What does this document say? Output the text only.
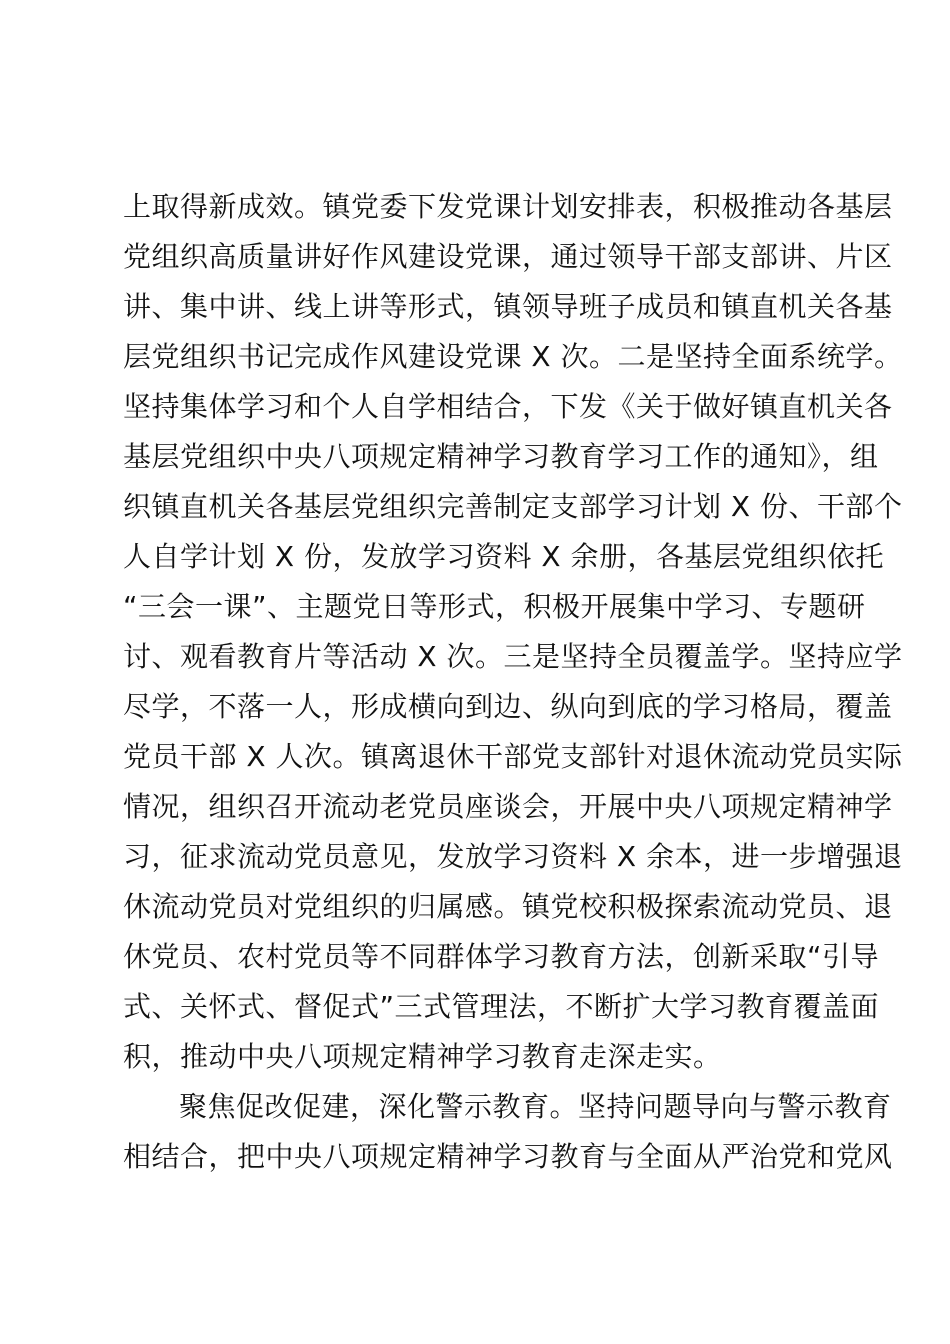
上取得新成效。镇党委下发党课计划安排表，积极推动各基层
党组织高质量讲好作风建设党课，通过领导干部支部讲、片区
讲、集中讲、线上讲等形式，镇领导班子成员和镇直机关各基
层党组织书记完成作风建设党课 X 次。二是坚持全面系统学。
坚持集体学习和个人自学相结合，下发《关于做好镇直机关各
基层党组织中央八项规定精神学习教育学习工作的通知》，组
织镇直机关各基层党组织完善制定支部学习计划 X 份、干部个
人自学计划 X 份，发放学习资料 X 余册，各基层党组织依托
“三会一课”、主题党日等形式，积极开展集中学习、专题研
讨、观看教育片等活动 X 次。三是坚持全员覆盖学。坚持应学
尽学，不落一人，形成横向到边、纵向到底的学习格局，覆盖
党员干部 X 人次。镇离退休干部党支部针对退休流动党员实际
情况，组织召开流动老党员座谈会，开展中央八项规定精神学
习，征求流动党员意见，发放学习资料 X 余本，进一步增强退
休流动党员对党组织的归属感。镇党校积极探索流动党员、退
休党员、农村党员等不同群体学习教育方法，创新采取“引导
式、关怀式、督促式”三式管理法，不断扩大学习教育覆盖面
积，推动中央八项规定精神学习教育走深走实。
聚焦促改促建，深化警示教育。坚持问题导向与警示教育
相结合，把中央八项规定精神学习教育与全面从严治党和党风
